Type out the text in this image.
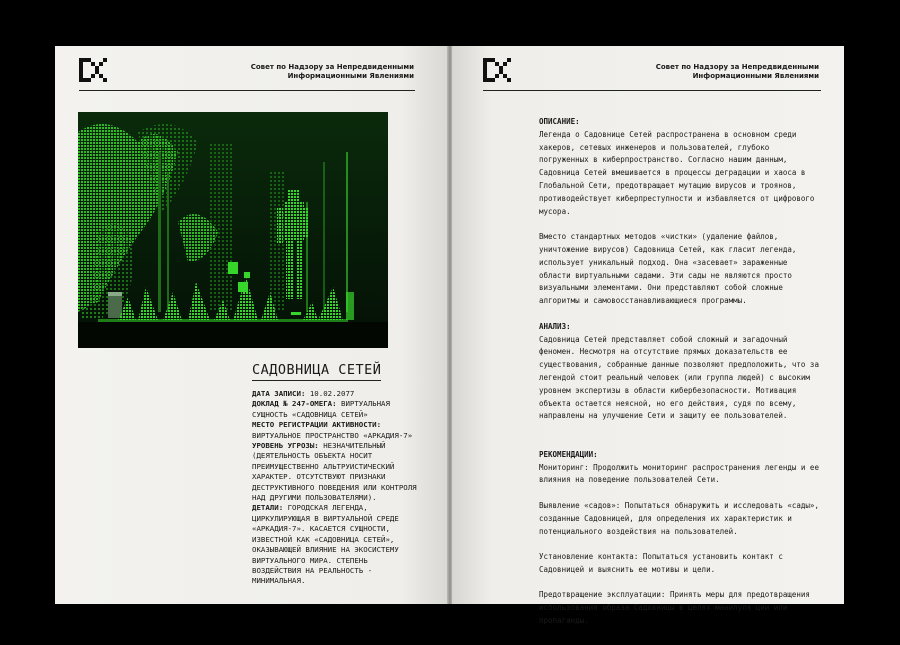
Совет по Надзору за Непредвиденными
Информационными Явлениями
САДОВНИЦА СЕТЕЙ

ДАТА ЗАПИСИ: 10.02.2077

ДОКЛАД № 247-ОМЕГА: ВИРТУАЛЬНАЯ СУЩНОСТЬ «САДОВНИЦА СЕТЕЙ»

МЕСТО РЕГИСТРАЦИИ АКТИВНОСТИ: ВИРТУАЛЬНОЕ ПРОСТРАНСТВО «АРКАДИЯ-7»

УРОВЕНЬ УГРОЗЫ: НЕЗНАЧИТЕЛЬНЫЙ (ДЕЯТЕЛЬНОСТЬ ОБЪЕКТА НОСИТ ПРЕИМУЩЕСТВЕННО АЛЬТРУИСТИЧЕСКИЙ ХАРАКТЕР. ОТСУТСТВУЮТ ПРИЗНАКИ ДЕСТРУКТИВНОГО ПОВЕДЕНИЯ ИЛИ КОНТРОЛЯ НАД ДРУГИМИ ПОЛЬЗОВАТЕЛЯМИ).

ДЕТАЛИ: ГОРОДСКАЯ ЛЕГЕНДА, ЦИРКУЛИРУЮЩАЯ В ВИРТУАЛЬНОЙ СРЕДЕ «АРКАДИЯ-7». КАСАЕТСЯ СУЩНОСТИ, ИЗВЕСТНОЙ КАК «САДОВНИЦА СЕТЕЙ», ОКАЗЫВАЮЩЕЙ ВЛИЯНИЕ НА ЭКОСИСТЕМУ ВИРТУАЛЬНОГО МИРА. СТЕПЕНЬ ВОЗДЕЙСТВИЯ НА РЕАЛЬНОСТЬ - МИНИМАЛЬНАЯ.

Совет по Надзору за Непредвиденными
Информационными Явлениями

ОПИСАНИЕ:

Легенда о Садовнице Сетей распространена в основном среди хакеров, сетевых инженеров и пользователей, глубоко погруженных в киберпространство. Согласно нашим данным, Садовница Сетей вмешивается в процессы деградации и хаоса в Глобальной Сети, предотвращает мутацию вирусов и троянов, противодействует киберпреступности и избавляется от цифрового мусора.

Вместо стандартных методов «чистки» (удаление файлов, уничтожение вирусов) Садовница Сетей, как гласит легенда, использует уникальный подход. Она «засевает» зараженные области виртуальными садами. Эти сады не являются просто визуальными элементами. Они представляют собой сложные алгоритмы и самовосстанавливающиеся программы.

АНАЛИЗ:

Садовница Сетей представляет собой сложный и загадочный феномен. Несмотря на отсутствие прямых доказательств ее существования, собранные данные позволяют предположить, что за легендой стоит реальный человек (или группа людей) с высоким уровнем экспертизы в области кибербезопасности. Мотивация объекта остается неясной, но его действия, судя по всему, направлены на улучшение Сети и защиту ее пользователей.

РЕКОМЕНДАЦИИ:

Мониторинг: Продолжить мониторинг распространения легенды и ее влияния на поведение пользователей Сети.

Выявление «садов»: Попытаться обнаружить и исследовать «сады», созданные Садовницей, для определения их характеристик и потенциального воздействия на пользователей.

Установление контакта: Попытаться установить контакт с Садовницей и выяснить ее мотивы и цели.

Предотвращение эксплуатации: Принять меры для предотвращения использования образа Садовницы в целях манипуля ции или пропаганды.
